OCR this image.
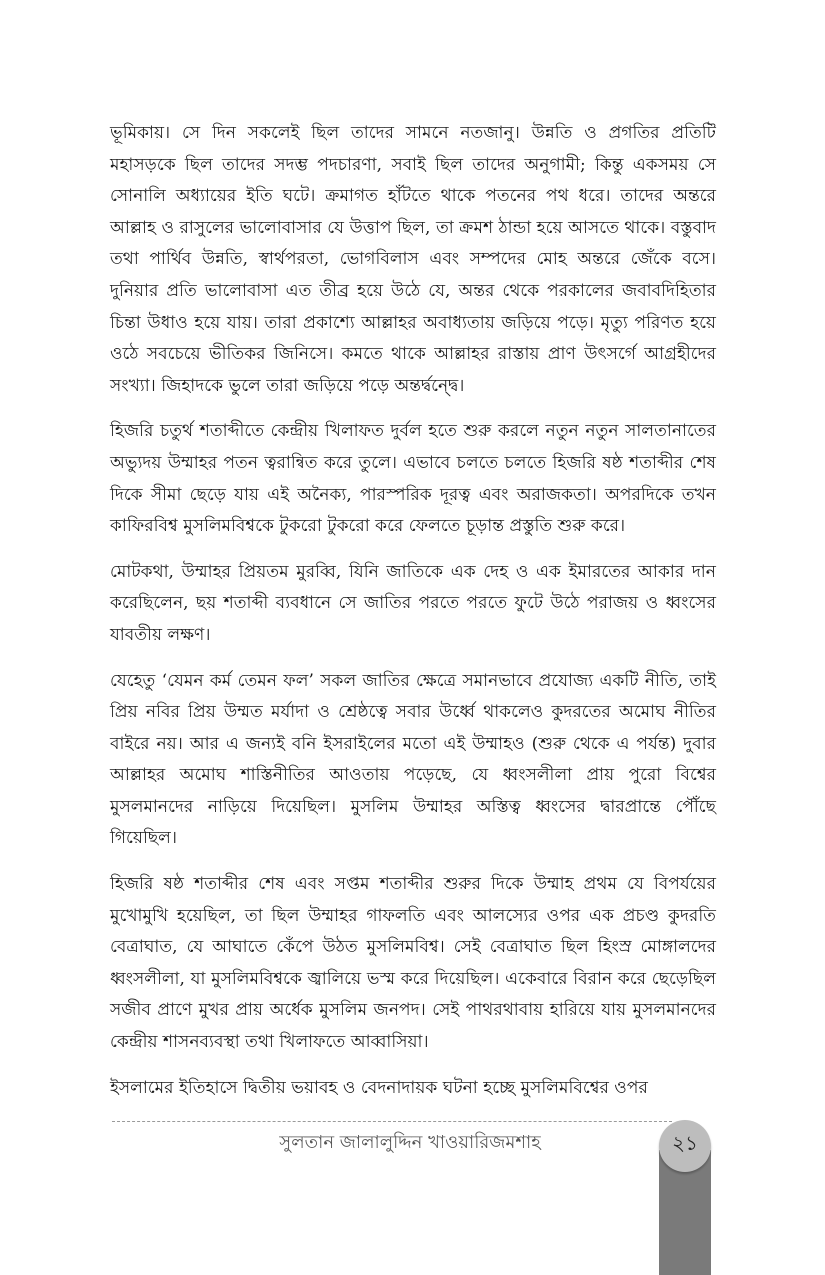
ভূমিকায়। সে দিন সকলেই ছিল তাদের সামনে নতজানু। উন্নতি ও প্রগতির প্রতিটি মহাসড়কে ছিল তাদের সদম্ভ পদচারণা, সবাই ছিল তাদের অনুগামী; কিন্তু একসময় সে সোনালি অধ্যায়ের ইতি ঘটে। ক্রমাগত হাঁটতে থাকে পতনের পথ ধরে। তাদের অন্তরে আল্লাহ ও রাসুলের ভালোবাসার যে উত্তাপ ছিল, তা ক্রমশ ঠান্ডা হয়ে আসতে থাকে। বস্তুবাদ তথা পার্থিব উন্নতি, স্বার্থপরতা, ভোগবিলাস এবং সম্পদের মোহ অন্তরে জেঁকে বসে। দুনিয়ার প্রতি ভালোবাসা এত তীব্র হয়ে উঠে যে, অন্তর থেকে পরকালের জবাবদিহিতার চিন্তা উধাও হয়ে যায়। তারা প্রকাশ্যে আল্লাহর অবাধ্যতায় জড়িয়ে পড়ে। মৃত্যু পরিণত হয়ে ওঠে সবচেয়ে ভীতিকর জিনিসে। কমতে থাকে আল্লাহর রাস্তায় প্রাণ উৎসর্গে আগ্রহীদের সংখ্যা। জিহাদকে ভুলে তারা জড়িয়ে পড়ে অন্তর্দ্বন্দ্বে।

হিজরি চতুর্থ শতাব্দীতে কেন্দ্রীয় খিলাফত দুর্বল হতে শুরু করলে নতুন নতুন সালতানাতের অভ্যুদয় উম্মাহর পতন ত্বরান্বিত করে তুলে। এভাবে চলতে চলতে হিজরি ষষ্ঠ শতাব্দীর শেষ দিকে সীমা ছেড়ে যায় এই অনৈক্য, পারস্পরিক দূরত্ব এবং অরাজকতা। অপরদিকে তখন কাফিরবিশ্ব মুসলিমবিশ্বকে টুকরো টুকরো করে ফেলতে চূড়ান্ত প্রস্তুতি শুরু করে।

মোটকথা, উম্মাহর প্রিয়তম মুরব্বি, যিনি জাতিকে এক দেহ ও এক ইমারতের আকার দান করেছিলেন, ছয় শতাব্দী ব্যবধানে সে জাতির পরতে পরতে ফুটে উঠে পরাজয় ও ধ্বংসের যাবতীয় লক্ষণ।

যেহেতু ‘যেমন কর্ম তেমন ফল’ সকল জাতির ক্ষেত্রে সমানভাবে প্রযোজ্য একটি নীতি, তাই প্রিয় নবির প্রিয় উম্মত মর্যাদা ও শ্রেষ্ঠত্বে সবার উর্ধ্বে থাকলেও কুদরতের অমোঘ নীতির বাইরে নয়। আর এ জন্যই বনি ইসরাইলের মতো এই উম্মাহও (শুরু থেকে এ পর্যন্ত) দুবার আল্লাহর অমোঘ শাস্তিনীতির আওতায় পড়েছে, যে ধ্বংসলীলা প্রায় পুরো বিশ্বের মুসলমানদের নাড়িয়ে দিয়েছিল। মুসলিম উম্মাহর অস্তিত্ব ধ্বংসের দ্বারপ্রান্তে পৌঁছে গিয়েছিল।

হিজরি ষষ্ঠ শতাব্দীর শেষ এবং সপ্তম শতাব্দীর শুরুর দিকে উম্মাহ প্রথম যে বিপর্যয়ের মুখোমুখি হয়েছিল, তা ছিল উম্মাহর গাফলতি এবং আলস্যের ওপর এক প্রচণ্ড কুদরতি বেত্রাঘাত, যে আঘাতে কেঁপে উঠত মুসলিমবিশ্ব। সেই বেত্রাঘাত ছিল হিংস্র মোঙ্গালদের ধ্বংসলীলা, যা মুসলিমবিশ্বকে জ্বালিয়ে ভস্ম করে দিয়েছিল। একেবারে বিরান করে ছেড়েছিল সজীব প্রাণে মুখর প্রায় অর্ধেক মুসলিম জনপদ। সেই পাথরথাবায় হারিয়ে যায় মুসলমানদের কেন্দ্রীয় শাসনব্যবস্থা তথা খিলাফতে আব্বাসিয়া।

ইসলামের ইতিহাসে দ্বিতীয় ভয়াবহ ও বেদনাদায়ক ঘটনা হচ্ছে মুসলিমবিশ্বের ওপর

সুলতান জালালুদ্দিন খাওয়ারিজমশাহ	২১
